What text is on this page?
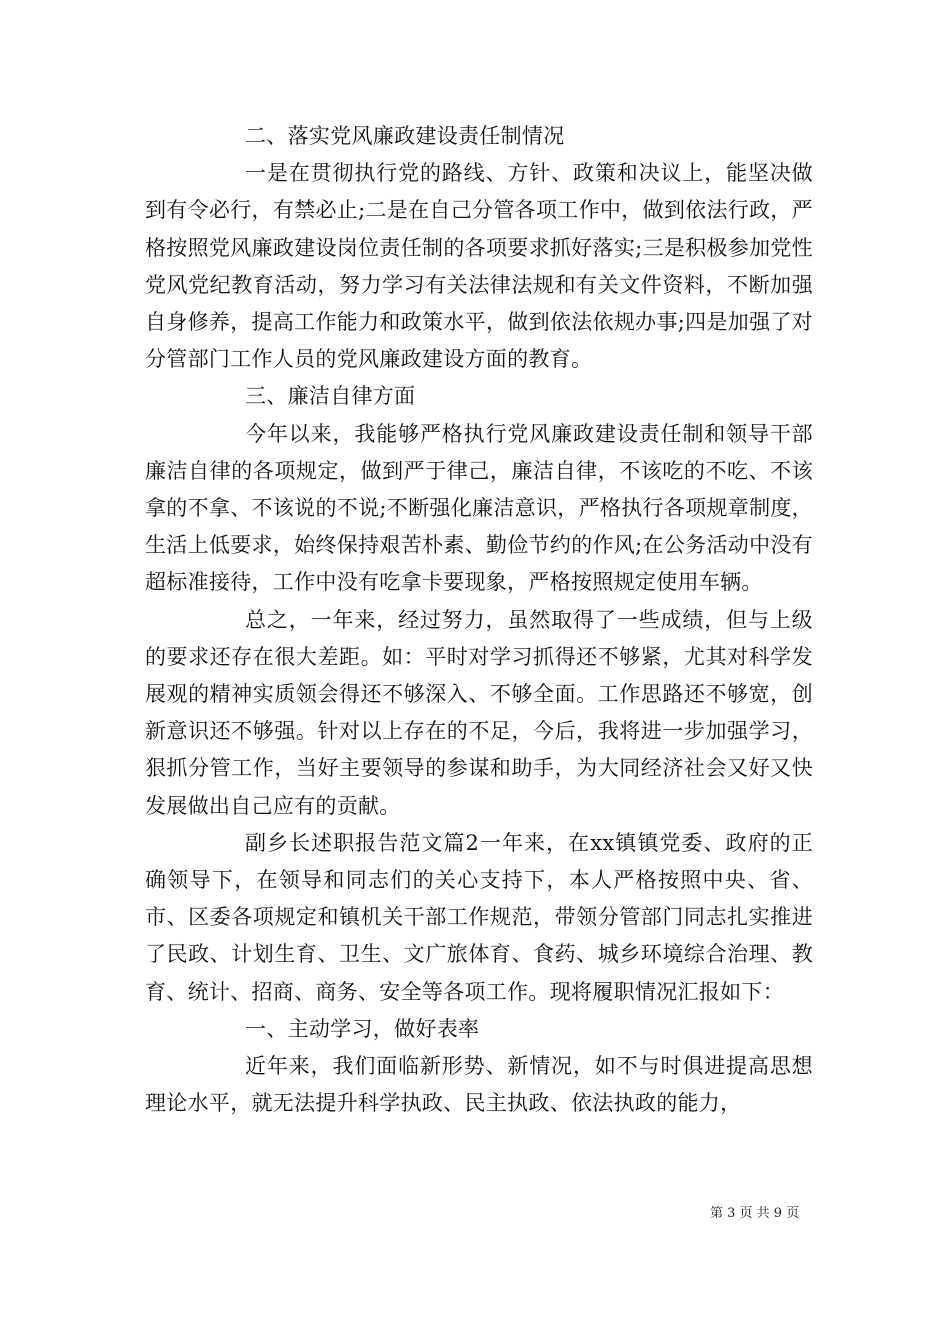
二、落实党风廉政建设责任制情况

一是在贯彻执行党的路线、方针、政策和决议上，能坚决做到有令必行，有禁必止;二是在自己分管各项工作中，做到依法行政，严格按照党风廉政建设岗位责任制的各项要求抓好落实;三是积极参加党性党风党纪教育活动，努力学习有关法律法规和有关文件资料，不断加强自身修养，提高工作能力和政策水平，做到依法依规办事;四是加强了对分管部门工作人员的党风廉政建设方面的教育。

三、廉洁自律方面

今年以来，我能够严格执行党风廉政建设责任制和领导干部廉洁自律的各项规定，做到严于律己，廉洁自律，不该吃的不吃、不该拿的不拿、不该说的不说;不断强化廉洁意识，严格执行各项规章制度，生活上低要求，始终保持艰苦朴素、勤俭节约的作风;在公务活动中没有超标准接待，工作中没有吃拿卡要现象，严格按照规定使用车辆。

总之，一年来，经过努力，虽然取得了一些成绩，但与上级的要求还存在很大差距。如：平时对学习抓得还不够紧，尤其对科学发展观的精神实质领会得还不够深入、不够全面。工作思路还不够宽，创新意识还不够强。针对以上存在的不足，今后，我将进一步加强学习，狠抓分管工作，当好主要领导的参谋和助手，为大同经济社会又好又快发展做出自己应有的贡献。

副乡长述职报告范文篇2一年来，在xx镇镇党委、政府的正确领导下，在领导和同志们的关心支持下，本人严格按照中央、省、市、区委各项规定和镇机关干部工作规范，带领分管部门同志扎实推进了民政、计划生育、卫生、文广旅体育、食药、城乡环境综合治理、教育、统计、招商、商务、安全等各项工作。现将履职情况汇报如下：

一、主动学习，做好表率

近年来，我们面临新形势、新情况，如不与时俱进提高思想理论水平，就无法提升科学执政、民主执政、依法执政的能力，

第 3 页 共 9 页
